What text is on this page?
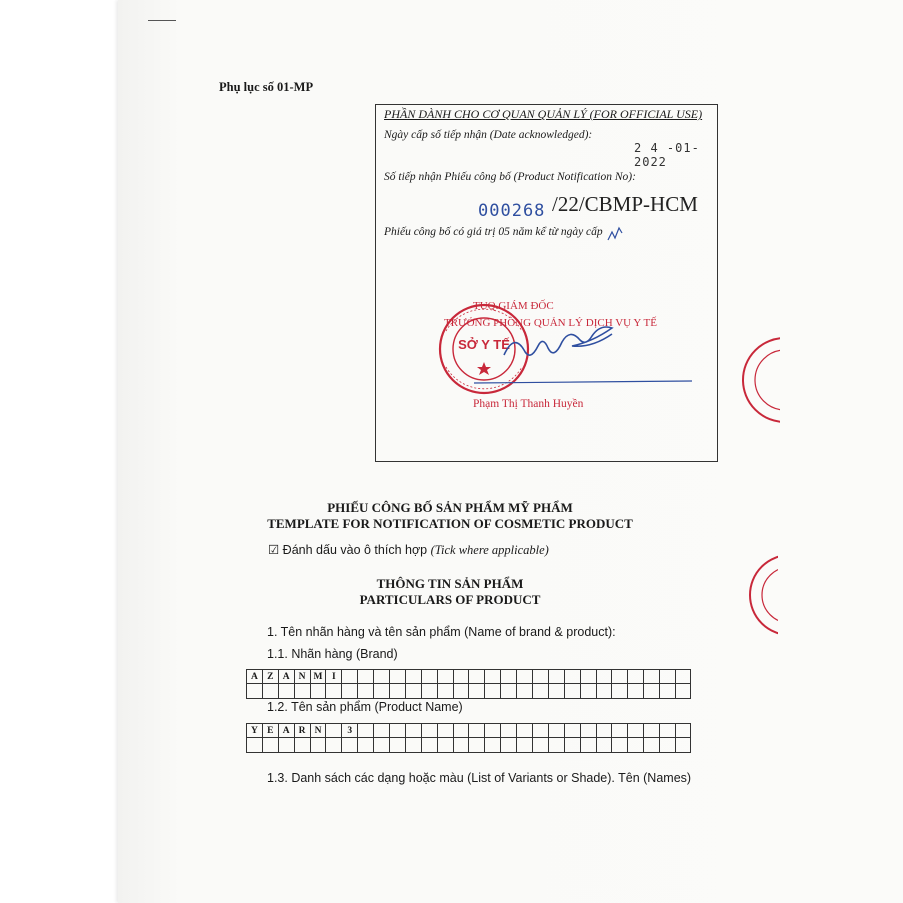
Phụ lục số 01-MP
PHẦN DÀNH CHO CƠ QUAN QUẢN LÝ (FOR OFFICIAL USE)
Ngày cấp số tiếp nhận (Date acknowledged):
2 4 -01- 2022
Số tiếp nhận Phiếu công bố (Product Notification No):
000268 /22/CBMP-HCM
Phiếu công bố có giá trị 05 năm kể từ ngày cấp
SỞ Y TẾ
TUQ.GIÁM ĐỐC
TRƯỞNG PHÒNG QUẢN LÝ DỊCH VỤ Y TẾ
Phạm Thị Thanh Huyền
PHIẾU CÔNG BỐ SẢN PHẨM MỸ PHẨM
TEMPLATE FOR NOTIFICATION OF COSMETIC PRODUCT
☑ Đánh dấu vào ô thích hợp (Tick where applicable)
THÔNG TIN SẢN PHẨM
PARTICULARS OF PRODUCT
1. Tên nhãn hàng và tên sản phẩm (Name of brand & product):
1.1. Nhãn hàng (Brand)
A Z A N M	I
1.2. Tên sản phẩm (Product Name)
Y E A R N	3
1.3. Danh sách các dạng hoặc màu (List of Variants or Shade). Tên (Names)
